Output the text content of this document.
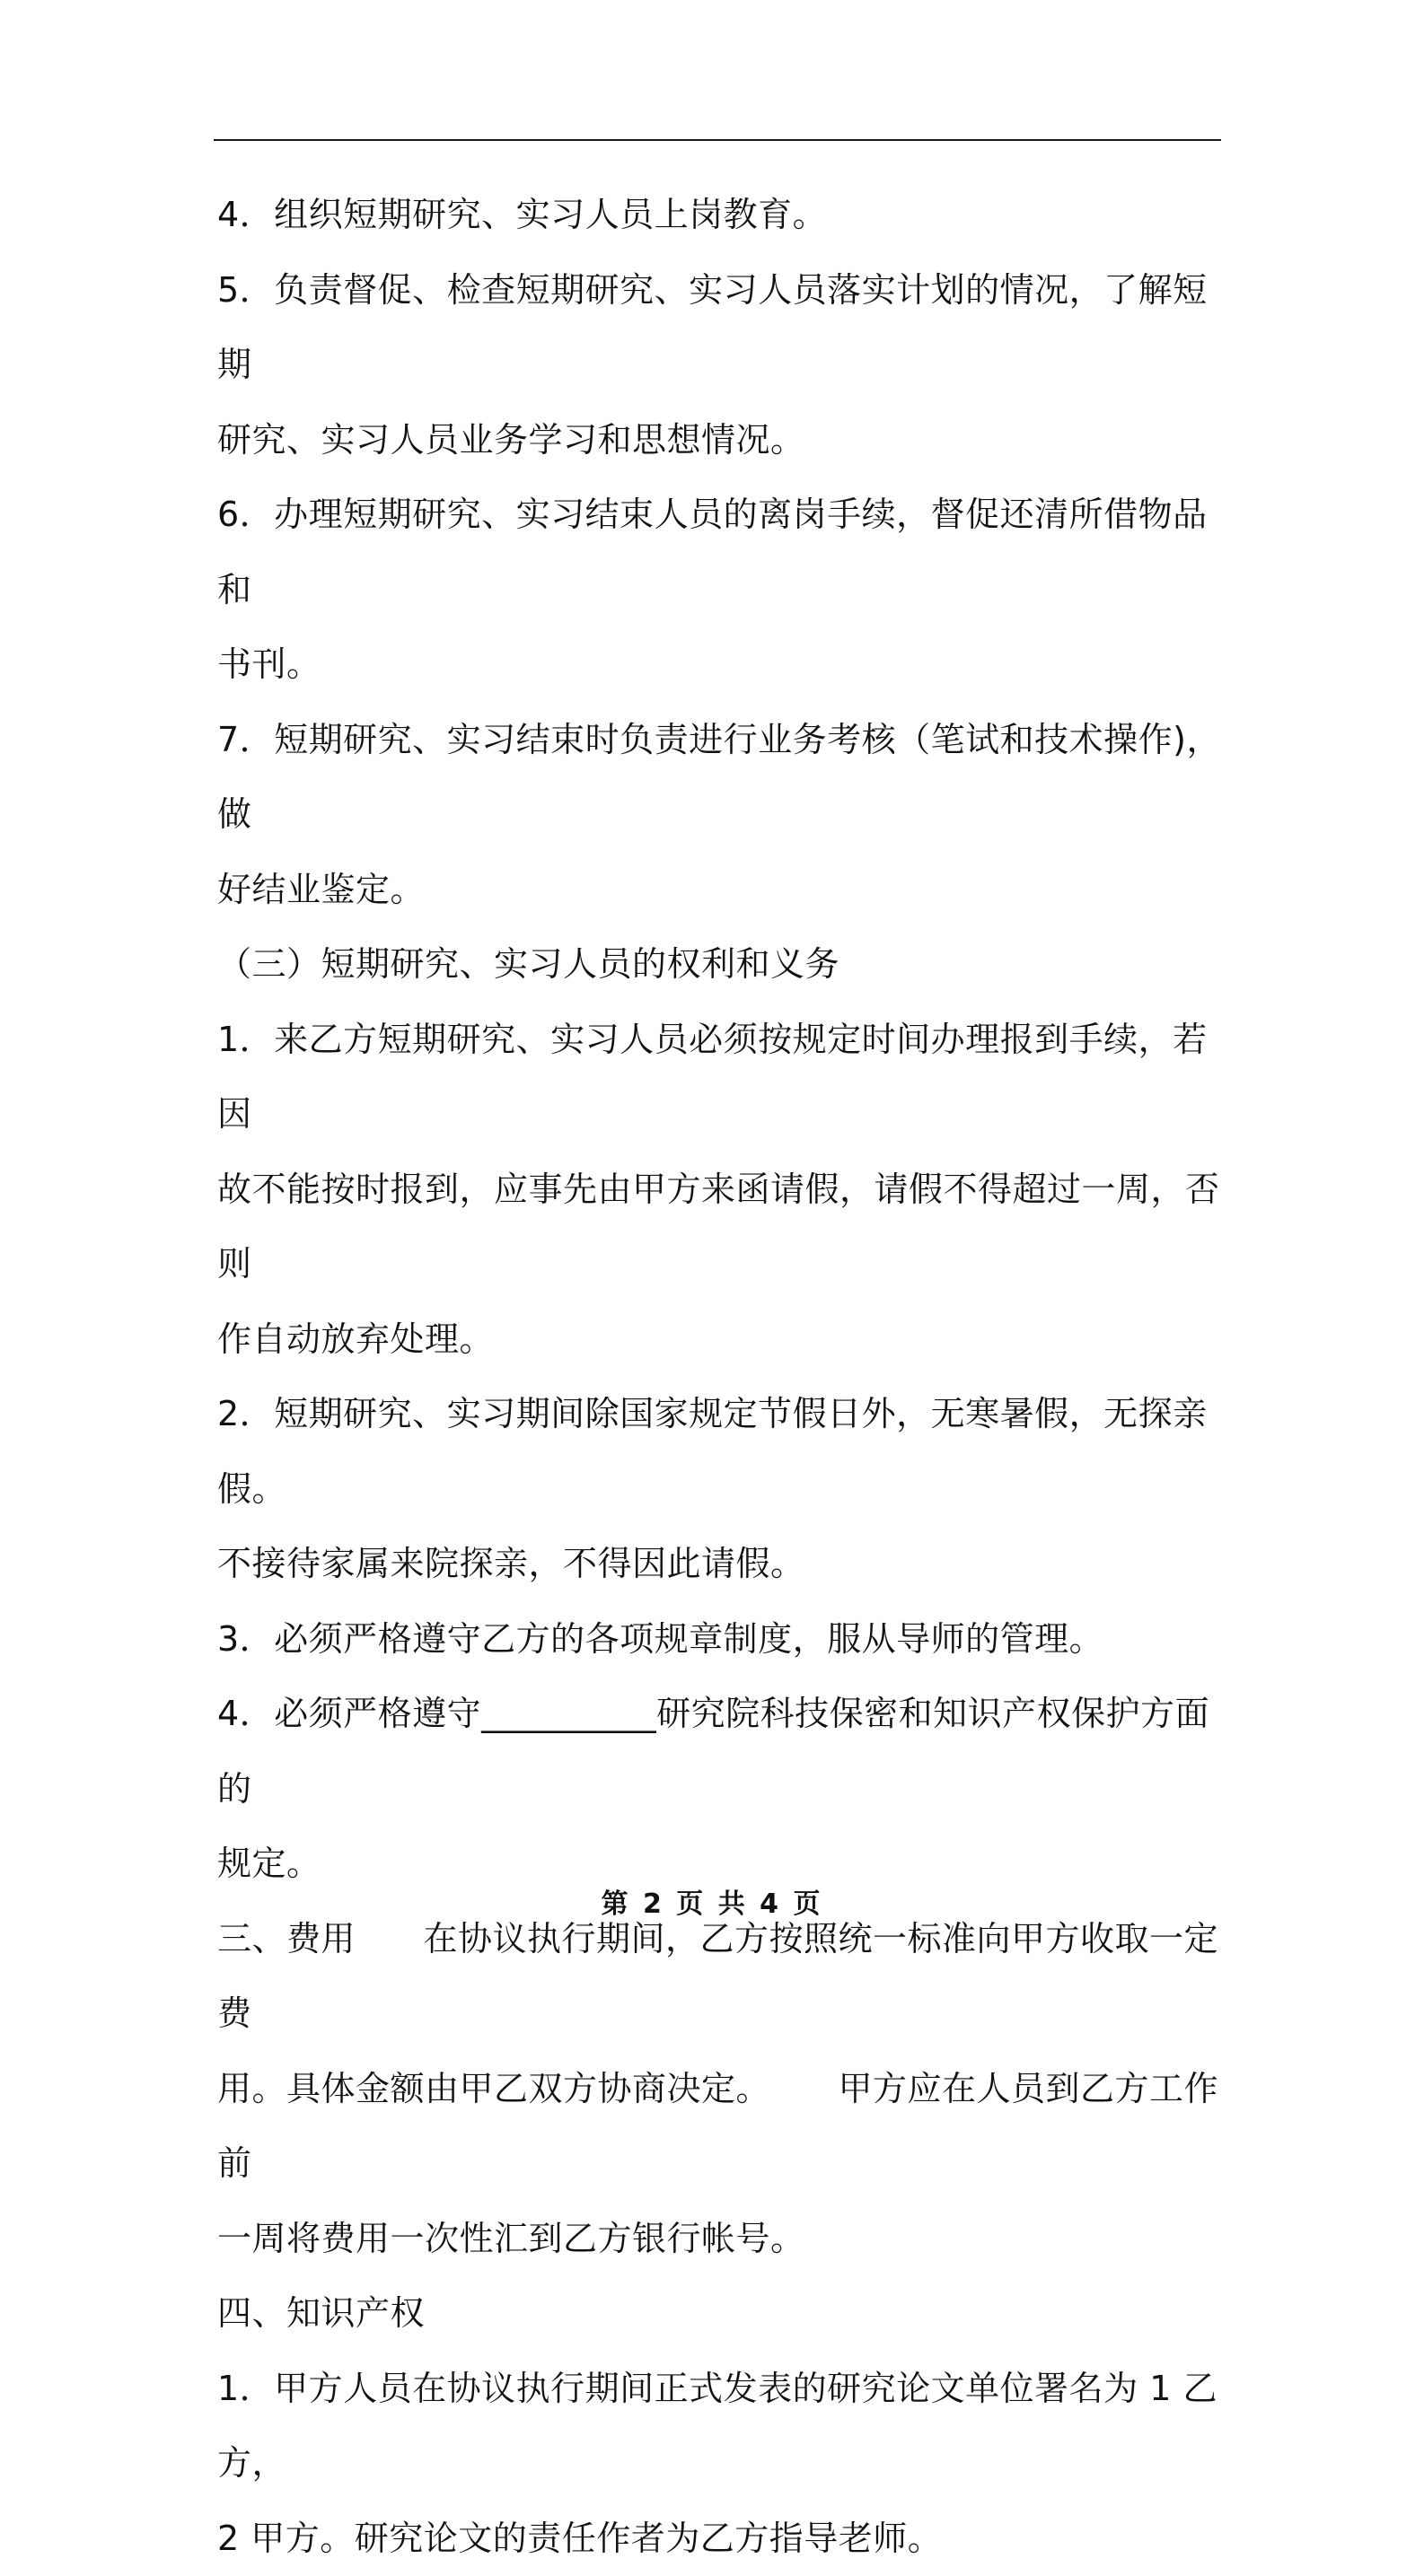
4．组织短期研究、实习人员上岗教育。
5．负责督促、检查短期研究、实习人员落实计划的情况，了解短期
研究、实习人员业务学习和思想情况。
6．办理短期研究、实习结束人员的离岗手续，督促还清所借物品和
书刊。
7．短期研究、实习结束时负责进行业务考核（笔试和技术操作)，做
好结业鉴定。
（三）短期研究、实习人员的权利和义务
1．来乙方短期研究、实习人员必须按规定时间办理报到手续，若因
故不能按时报到，应事先由甲方来函请假，请假不得超过一周，否则
作自动放弃处理。
2．短期研究、实习期间除国家规定节假日外，无寒暑假，无探亲假。
不接待家属来院探亲，不得因此请假。
3．必须严格遵守乙方的各项规章制度，服从导师的管理。
4．必须严格遵守__________研究院科技保密和知识产权保护方面的
规定。
三、费用      在协议执行期间，乙方按照统一标准向甲方收取一定费
用。具体金额由甲乙双方协商决定。      甲方应在人员到乙方工作前
一周将费用一次性汇到乙方银行帐号。
四、知识产权
1．甲方人员在协议执行期间正式发表的研究论文单位署名为 1 乙方，
2 甲方。研究论文的责任作者为乙方指导老师。
第 2 页 共 4 页
